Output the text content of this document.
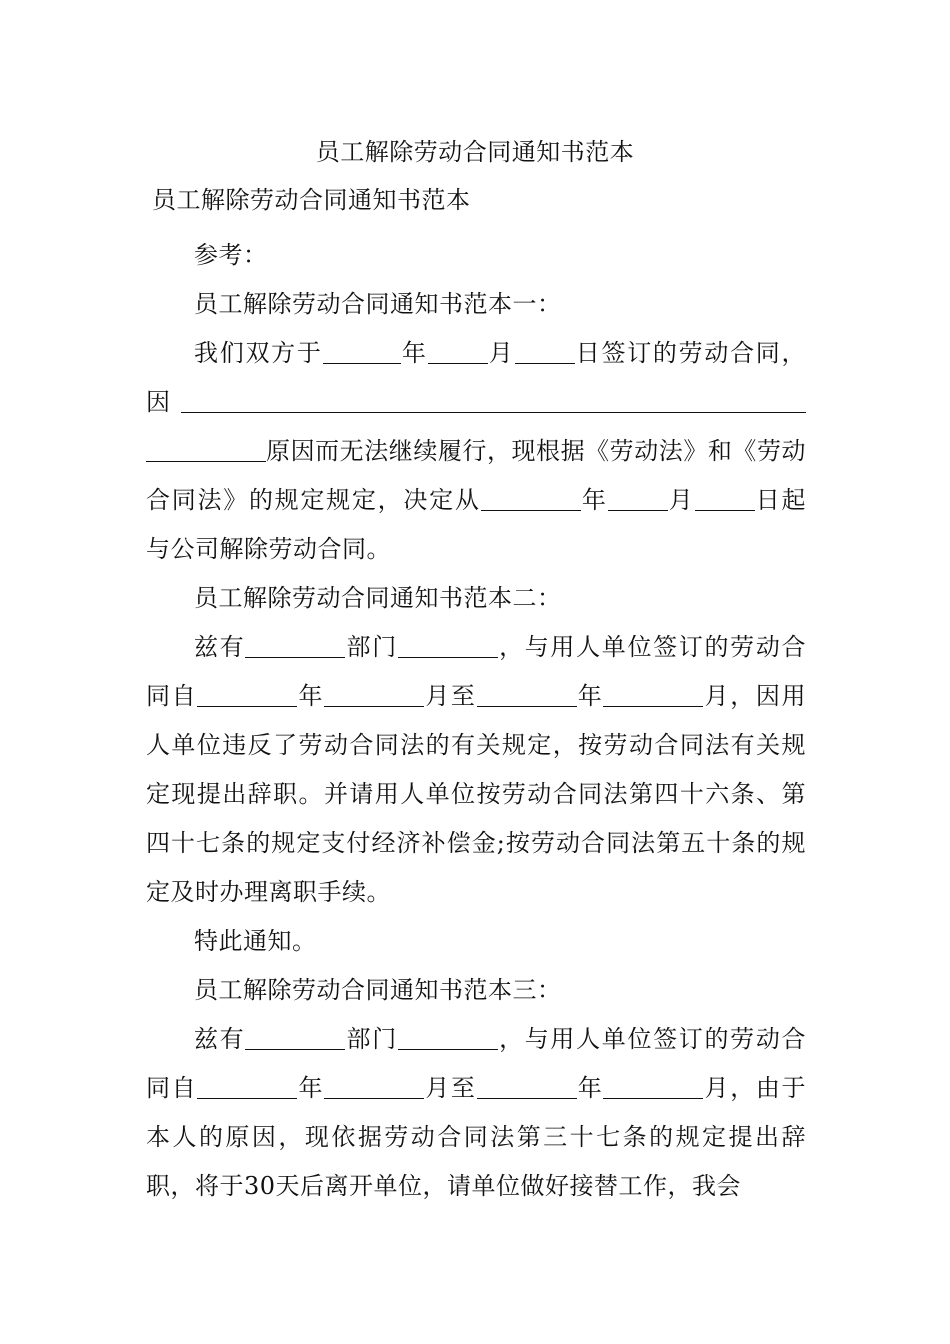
员工解除劳动合同通知书范本
员工解除劳动合同通知书范本

参考：

员工解除劳动合同通知书范本一：

我们双方于	年	月	日签订的劳动合同，因 原因而无法继续履行，现根据《劳动法》和《劳动合同法》的规定规定，决定从	年	月	日起与公司解除劳动合同。

员工解除劳动合同通知书范本二：

兹有	部门	，与用人单位签订的劳动合同自	年	月至	年	月，因用人单位违反了劳动合同法的有关规定，按劳动合同法有关规定现提出辞职。并请用人单位按劳动合同法第四十六条、第四十七条的规定支付经济补偿金;按劳动合同法第五十条的规定及时办理离职手续。

特此通知。

员工解除劳动合同通知书范本三：

兹有	部门	，与用人单位签订的劳动合同自	年	月至	年	月，由于本人的原因，现依据劳动合同法第三十七条的规定提出辞职，将于30天后离开单位，请单位做好接替工作，我会
